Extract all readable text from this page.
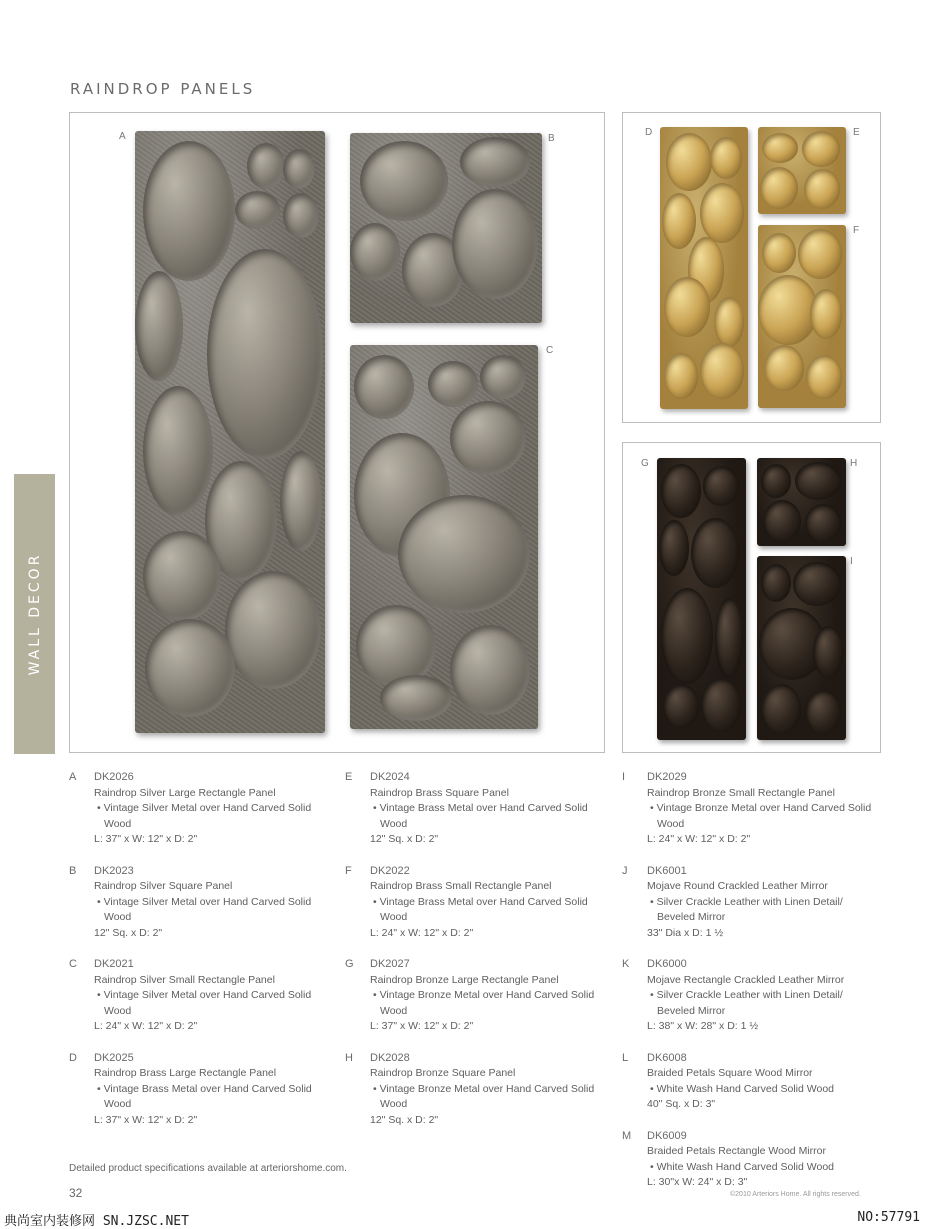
RAINDROP PANELS
WALL DECOR
A	B
C
D	E
F
G	H
I
A DK2026
Raindrop Silver Large Rectangle Panel
• Vintage Silver Metal over Hand Carved Solid Wood
L: 37" x W: 12" x D: 2"
B DK2023
Raindrop Silver Square Panel
• Vintage Silver Metal over Hand Carved Solid Wood
12" Sq. x D: 2"
C DK2021
Raindrop Silver Small Rectangle Panel
• Vintage Silver Metal over Hand Carved Solid Wood
L: 24" x W: 12" x D: 2"
D DK2025
Raindrop Brass Large Rectangle Panel
• Vintage Brass Metal over Hand Carved Solid Wood
L: 37" x W: 12" x D: 2"
E DK2024
Raindrop Brass Square Panel
• Vintage Brass Metal over Hand Carved Solid Wood
12" Sq. x D: 2"
F DK2022
Raindrop Brass Small Rectangle Panel
• Vintage Brass Metal over Hand Carved Solid Wood
L: 24" x W: 12" x D: 2"
G DK2027
Raindrop Bronze Large Rectangle Panel
• Vintage Bronze Metal over Hand Carved Solid Wood
L: 37" x W: 12" x D: 2"
H DK2028
Raindrop Bronze Square Panel
• Vintage Bronze Metal over Hand Carved Solid Wood
12" Sq. x D: 2"
I DK2029
Raindrop Bronze Small Rectangle Panel
• Vintage Bronze Metal over Hand Carved Solid Wood
L: 24" x W: 12" x D: 2"
J DK6001
Mojave Round Crackled Leather Mirror
• Silver Crackle Leather with Linen Detail/ Beveled Mirror
33" Dia x D: 1 ½
K DK6000
Mojave Rectangle Crackled Leather Mirror
• Silver Crackle Leather with Linen Detail/ Beveled Mirror
L: 38" x W: 28" x D: 1 ½
L DK6008
Braided Petals Square Wood Mirror
• White Wash Hand Carved Solid Wood
40" Sq. x D: 3"
M DK6009
Braided Petals Rectangle Wood Mirror
• White Wash Hand Carved Solid Wood
L: 30"x W: 24" x D: 3"
Detailed product specifications available at arteriorshome.com.
32	©2010 Arteriors Home. All rights reserved.
典尚室内装修网 SN.JZSC.NET	NO:57791
